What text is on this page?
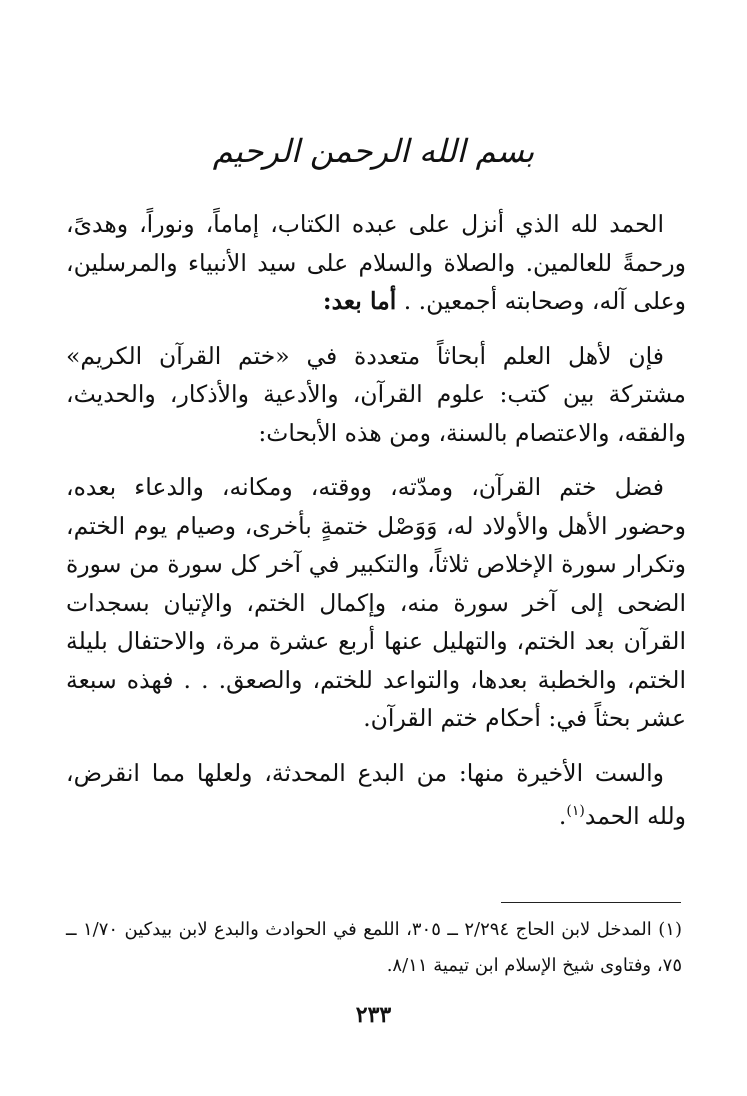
بسم الله الرحمن الرحيم

الحمد لله الذي أنزل على عبده الكتاب، إماماً، ونوراً، وهدىً، ورحمةً للعالمين. والصلاة والسلام على سيد الأنبياء والمرسلين، وعلى آله، وصحابته أجمعين. . أما بعد:

فإن لأهل العلم أبحاثاً متعددة في «ختم القرآن الكريم» مشتركة بين كتب: علوم القرآن، والأدعية والأذكار، والحديث، والفقه، والاعتصام بالسنة، ومن هذه الأبحاث:

فضل ختم القرآن، ومدّته، ووقته، ومكانه، والدعاء بعده، وحضور الأهل والأولاد له، وَوَصْل ختمةٍ بأخرى، وصيام يوم الختم، وتكرار سورة الإخلاص ثلاثاً، والتكبير في آخر كل سورة من سورة الضحى إلى آخر سورة منه، وإكمال الختم، والإتيان بسجدات القرآن بعد الختم، والتهليل عنها أربع عشرة مرة، والاحتفال بليلة الختم، والخطبة بعدها، والتواعد للختم، والصعق. . . فهذه سبعة عشر بحثاً في: أحكام ختم القرآن.

والست الأخيرة منها: من البدع المحدثة، ولعلها مما انقرض، ولله الحمد$^{(١)}$.

(١) المدخل لابن الحاج ٢/٢٩٤ ــ ٣٠٥، اللمع في الحوادث والبدع لابن بيدكين ١/٧٠ ــ ٧٥، وفتاوى شيخ الإسلام ابن تيمية ٨/١١.
٢٣٣
